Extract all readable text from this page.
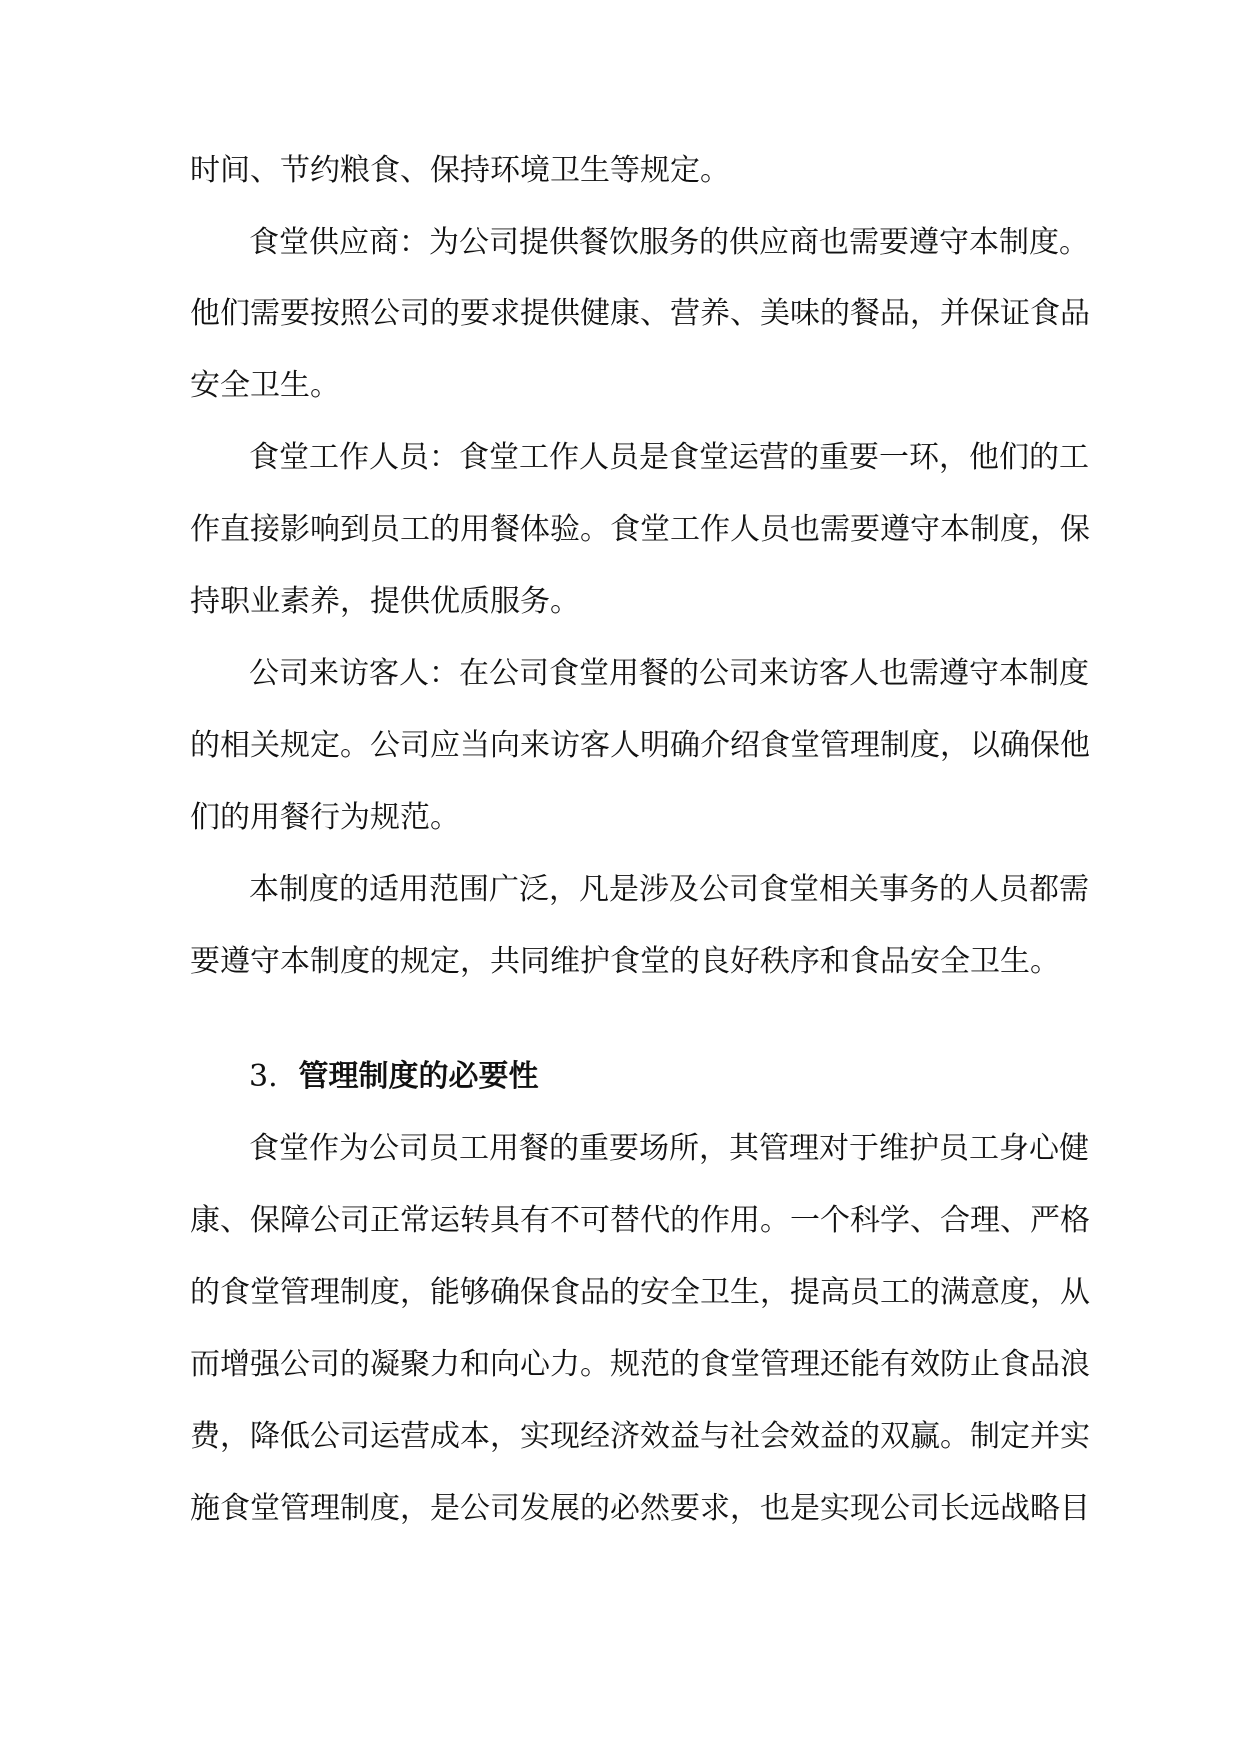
时间、节约粮食、保持环境卫生等规定。
食堂供应商：为公司提供餐饮服务的供应商也需要遵守本制度。
他们需要按照公司的要求提供健康、营养、美味的餐品，并保证食品
安全卫生。
食堂工作人员：食堂工作人员是食堂运营的重要一环，他们的工
作直接影响到员工的用餐体验。食堂工作人员也需要遵守本制度，保
持职业素养，提供优质服务。
公司来访客人：在公司食堂用餐的公司来访客人也需遵守本制度
的相关规定。公司应当向来访客人明确介绍食堂管理制度，以确保他
们的用餐行为规范。
本制度的适用范围广泛，凡是涉及公司食堂相关事务的人员都需
要遵守本制度的规定，共同维护食堂的良好秩序和食品安全卫生。
3. 管理制度的必要性
食堂作为公司员工用餐的重要场所，其管理对于维护员工身心健
康、保障公司正常运转具有不可替代的作用。一个科学、合理、严格
的食堂管理制度，能够确保食品的安全卫生，提高员工的满意度，从
而增强公司的凝聚力和向心力。规范的食堂管理还能有效防止食品浪
费，降低公司运营成本，实现经济效益与社会效益的双赢。制定并实
施食堂管理制度，是公司发展的必然要求，也是实现公司长远战略目
